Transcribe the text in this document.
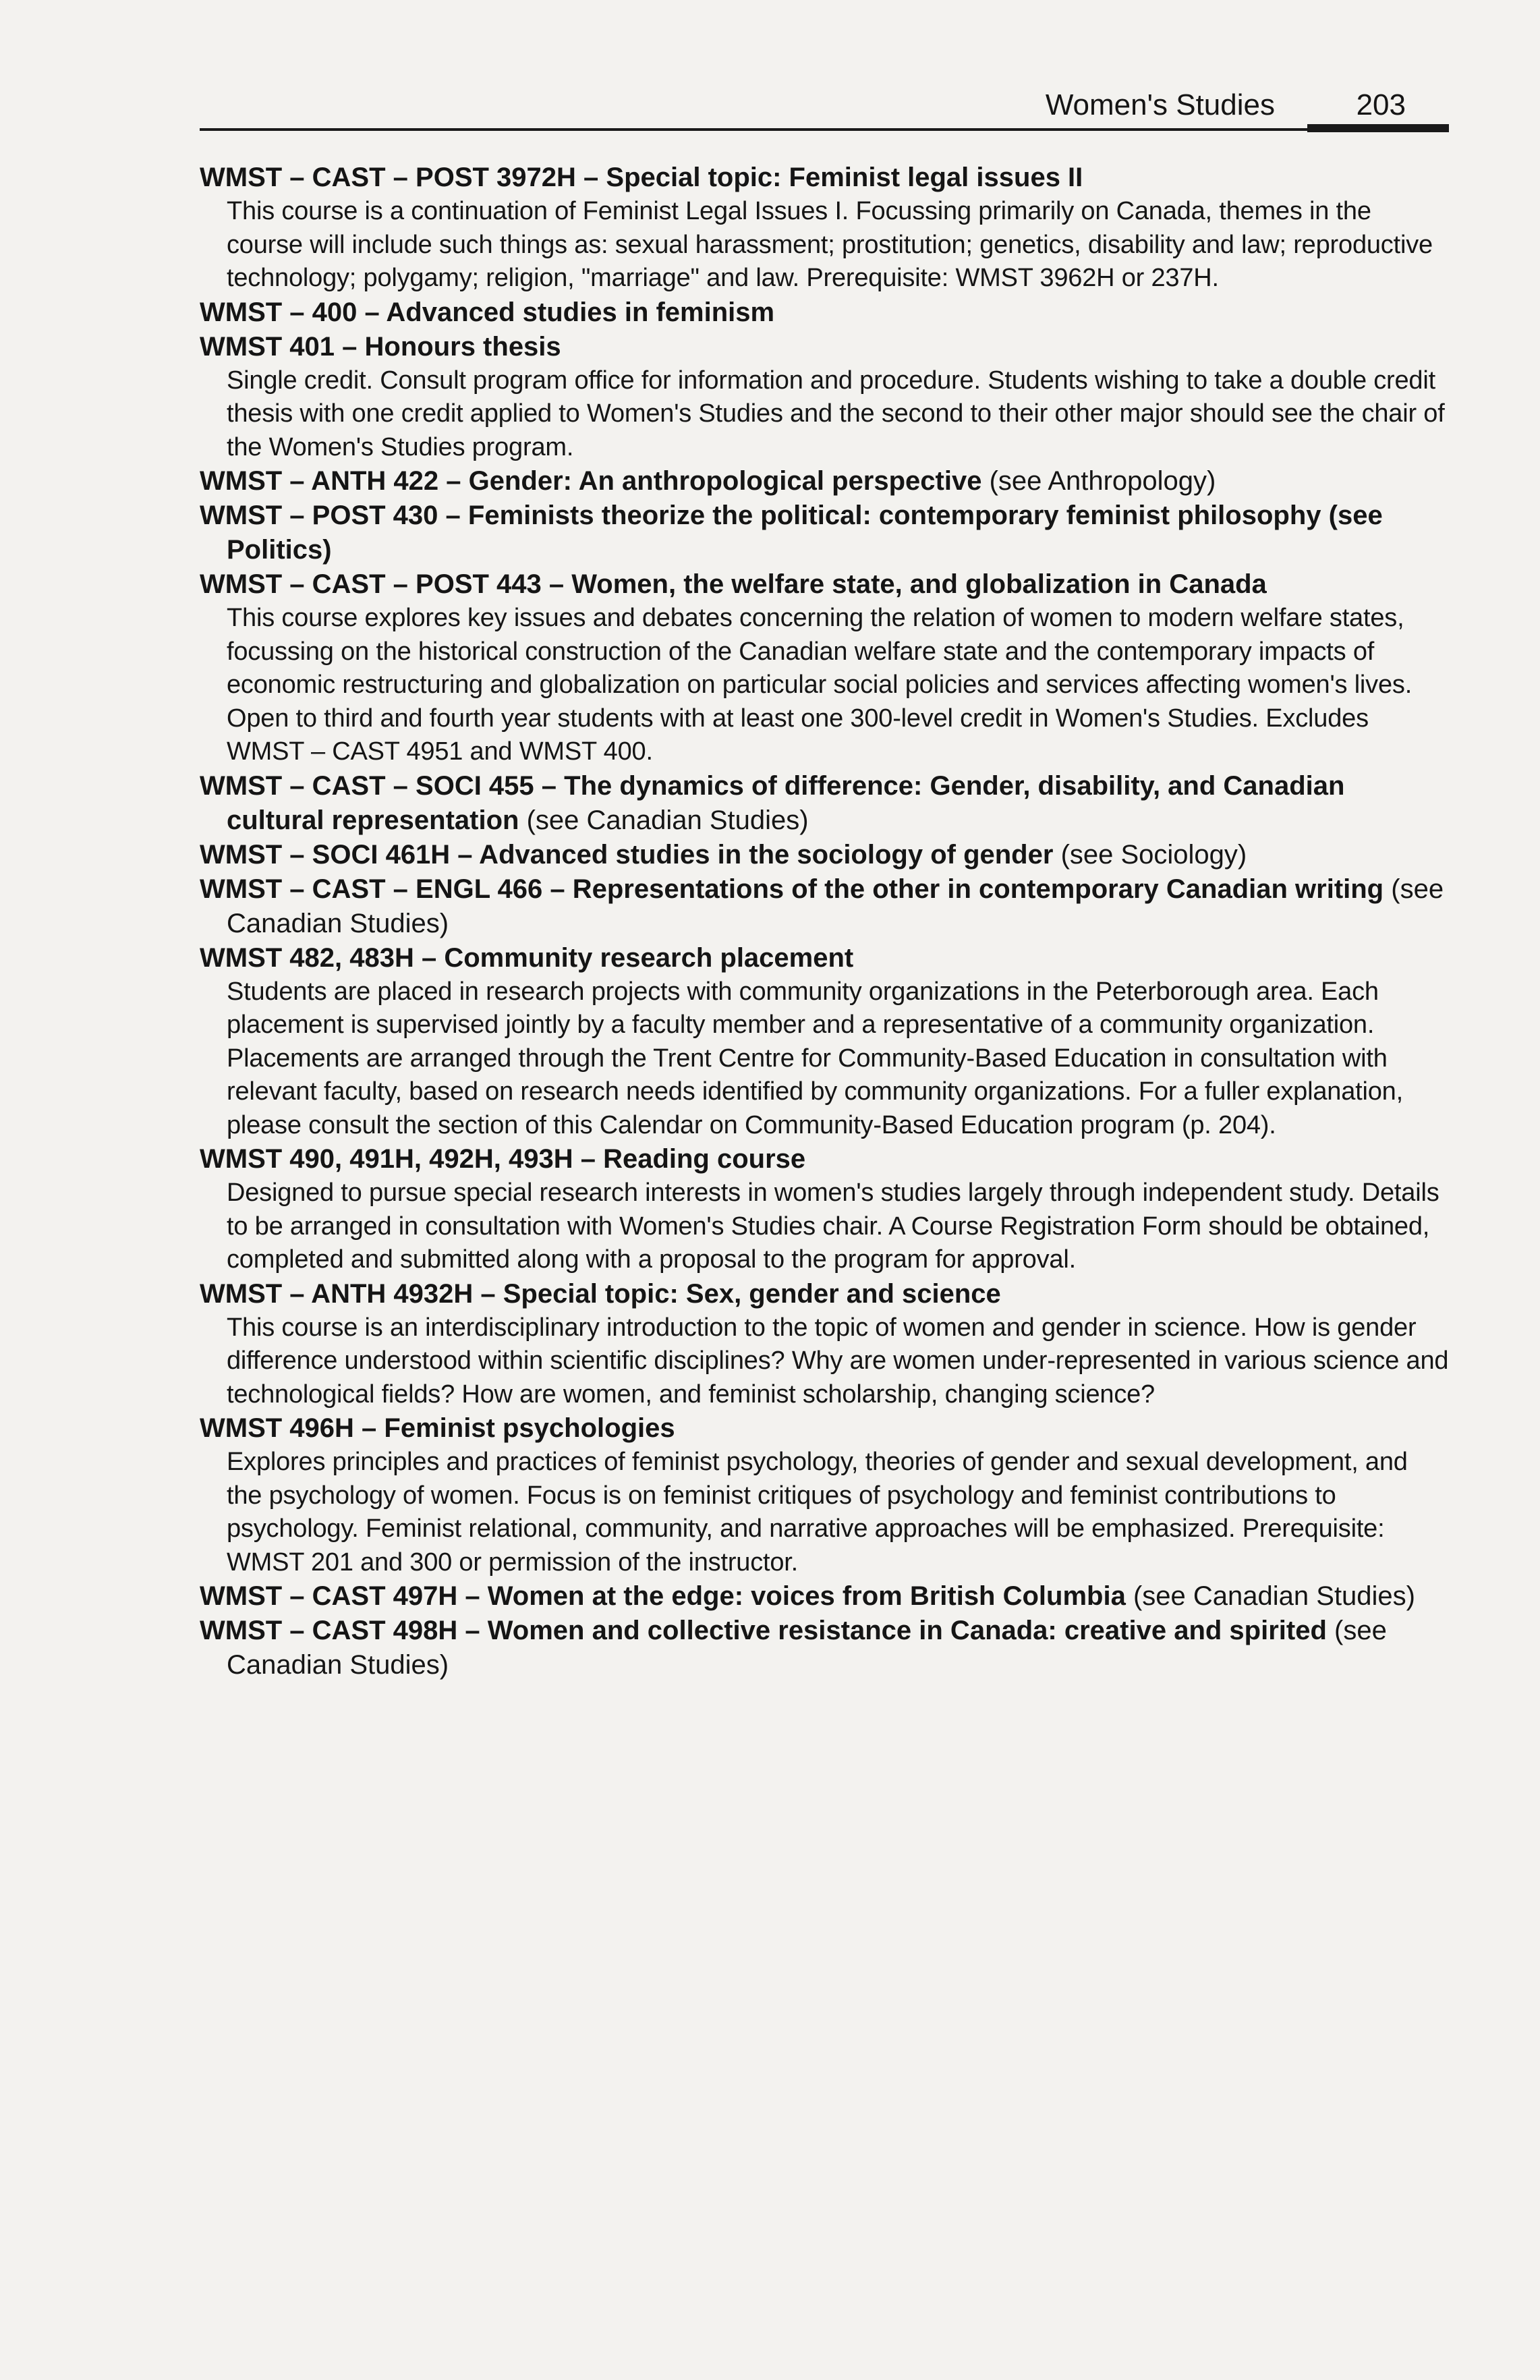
Women's Studies	203

WMST – CAST – POST 3972H – Special topic: Feminist legal issues II

This course is a continuation of Feminist Legal Issues I. Focussing primarily on Canada, themes in the course will include such things as: sexual harassment; prostitution; genetics, disability and law; reproductive technology; polygamy; religion, "marriage" and law. Prerequisite: WMST 3962H or 237H.

WMST – 400 – Advanced studies in feminism

WMST 401 – Honours thesis

Single credit. Consult program office for information and procedure. Students wishing to take a double credit thesis with one credit applied to Women's Studies and the second to their other major should see the chair of the Women's Studies program.

WMST – ANTH 422 – Gender: An anthropological perspective (see Anthropology)

WMST – POST 430 – Feminists theorize the political: contemporary feminist philosophy (see Politics)

WMST – CAST – POST 443 – Women, the welfare state, and globalization in Canada

This course explores key issues and debates concerning the relation of women to modern welfare states, focussing on the historical construction of the Canadian welfare state and the contemporary impacts of economic restructuring and globalization on particular social policies and services affecting women's lives. Open to third and fourth year students with at least one 300-level credit in Women's Studies. Excludes WMST – CAST 4951 and WMST 400.

WMST – CAST – SOCI 455 – The dynamics of difference: Gender, disability, and Canadian cultural representation (see Canadian Studies)

WMST – SOCI 461H – Advanced studies in the sociology of gender (see Sociology)

WMST – CAST – ENGL 466 – Representations of the other in contemporary Canadian writing (see Canadian Studies)

WMST 482, 483H – Community research placement

Students are placed in research projects with community organizations in the Peterborough area. Each placement is supervised jointly by a faculty member and a representative of a community organization. Placements are arranged through the Trent Centre for Community-Based Education in consultation with relevant faculty, based on research needs identified by community organizations. For a fuller explanation, please consult the section of this Calendar on Community-Based Education program (p. 204).

WMST 490, 491H, 492H, 493H – Reading course

Designed to pursue special research interests in women's studies largely through independent study. Details to be arranged in consultation with Women's Studies chair. A Course Registration Form should be obtained, completed and submitted along with a proposal to the program for approval.

WMST – ANTH 4932H – Special topic: Sex, gender and science

This course is an interdisciplinary introduction to the topic of women and gender in science. How is gender difference understood within scientific disciplines? Why are women under-represented in various science and technological fields? How are women, and feminist scholarship, changing science?

WMST 496H – Feminist psychologies

Explores principles and practices of feminist psychology, theories of gender and sexual development, and the psychology of women. Focus is on feminist critiques of psychology and feminist contributions to psychology. Feminist relational, community, and narrative approaches will be emphasized. Prerequisite: WMST 201 and 300 or permission of the instructor.

WMST – CAST 497H – Women at the edge: voices from British Columbia (see Canadian Studies)

WMST – CAST 498H – Women and collective resistance in Canada: creative and spirited (see Canadian Studies)
